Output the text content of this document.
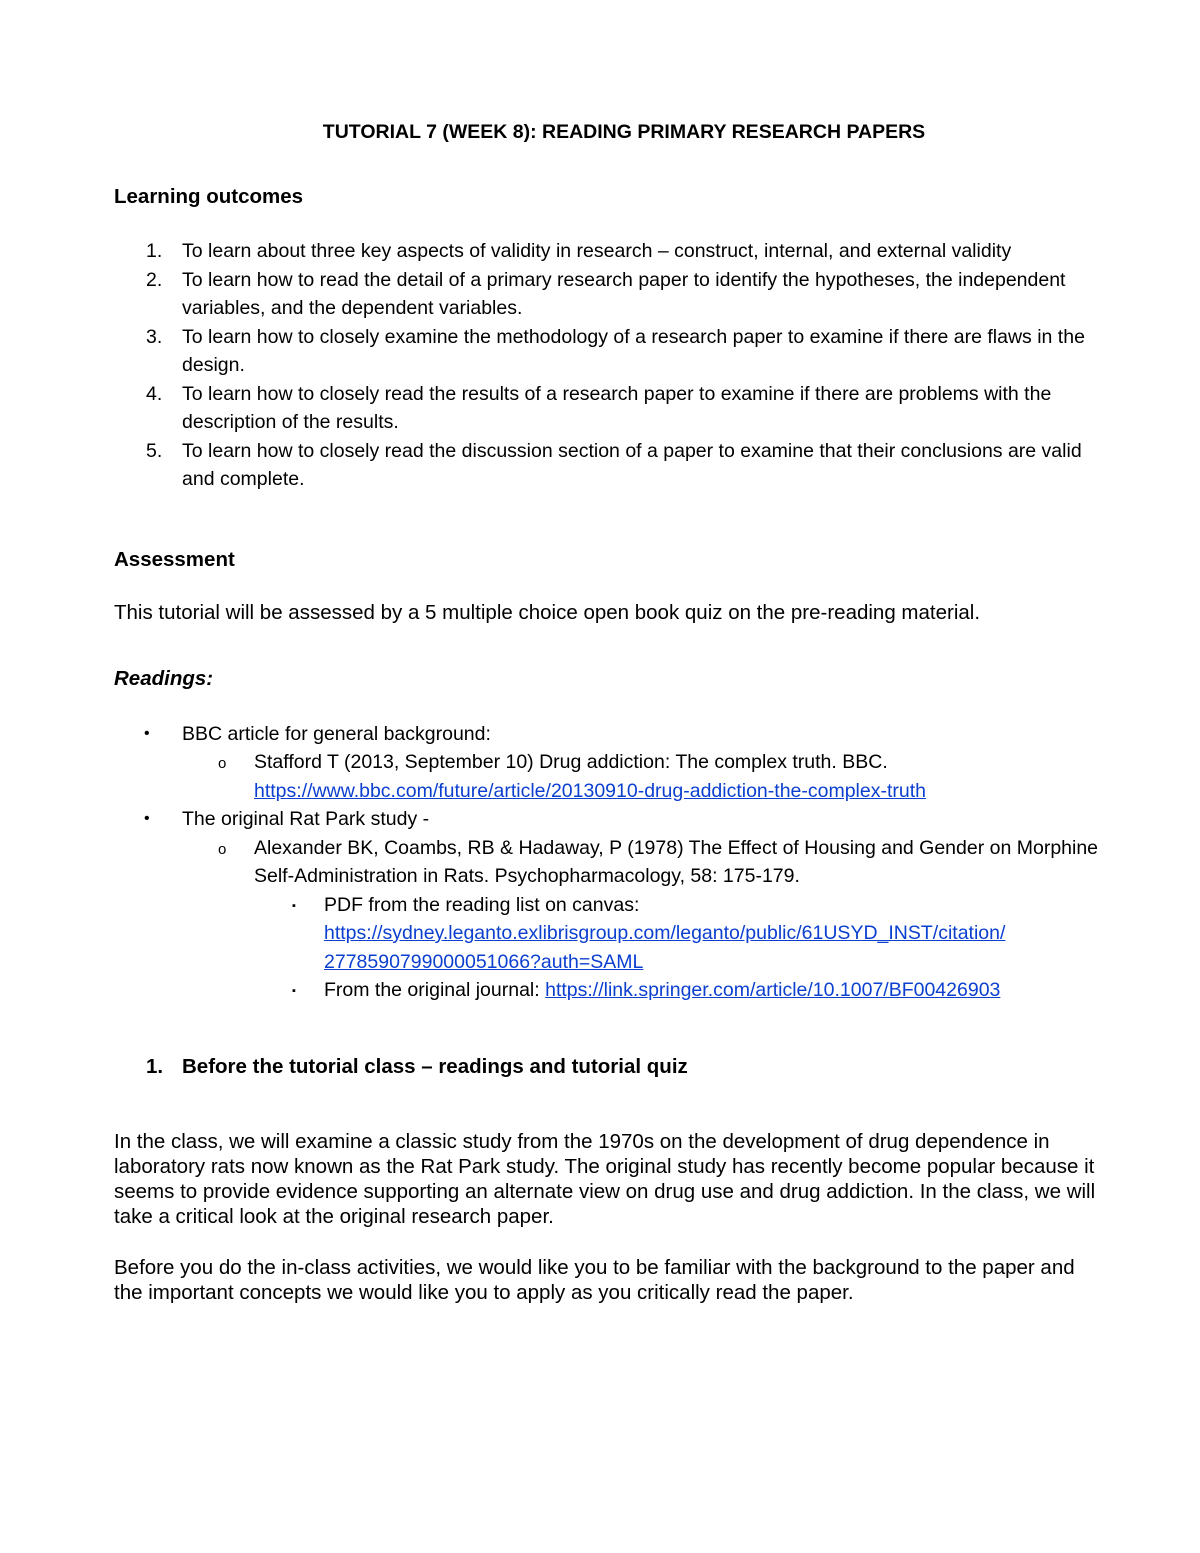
TUTORIAL 7 (WEEK 8): READING PRIMARY RESEARCH PAPERS
Learning outcomes
1. To learn about three key aspects of validity in research – construct, internal, and external validity
2. To learn how to read the detail of a primary research paper to identify the hypotheses, the independent variables, and the dependent variables.
3. To learn how to closely examine the methodology of a research paper to examine if there are flaws in the design.
4. To learn how to closely read the results of a research paper to examine if there are problems with the description of the results.
5. To learn how to closely read the discussion section of a paper to examine that their conclusions are valid and complete.
Assessment

This tutorial will be assessed by a 5 multiple choice open book quiz on the pre-reading material.

Readings:
• BBC article for general background:
o Stafford T (2013, September 10) Drug addiction: The complex truth. BBC.
https://www.bbc.com/future/article/20130910-drug-addiction-the-complex-truth
• The original Rat Park study -
o Alexander BK, Coambs, RB & Hadaway, P (1978) The Effect of Housing and Gender on Morphine Self-Administration in Rats. Psychopharmacology, 58: 175-179.
▪ PDF from the reading list on canvas:
https://sydney.leganto.exlibrisgroup.com/leganto/public/61USYD_INST/citation/
2778590799000051066?auth=SAML
▪ From the original journal: https://link.springer.com/article/10.1007/BF00426903
1. Before the tutorial class – readings and tutorial quiz

In the class, we will examine a classic study from the 1970s on the development of drug dependence in laboratory rats now known as the Rat Park study. The original study has recently become popular because it seems to provide evidence supporting an alternate view on drug use and drug addiction. In the class, we will take a critical look at the original research paper.

Before you do the in-class activities, we would like you to be familiar with the background to the paper and the important concepts we would like you to apply as you critically read the paper.
